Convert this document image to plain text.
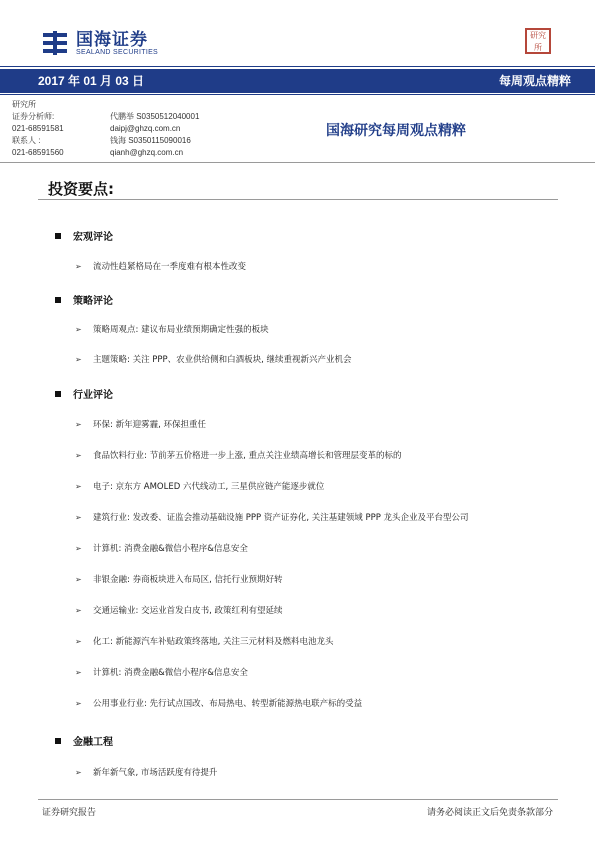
国海证券
SEALAND SECURITIES
研究所
2017 年 01 月 03 日	每周观点精粹
研究所
证券分析师:	代鹏举 S0350512040001
021-68591581	daipj@ghzq.com.cn
联系人 :	钱海 S0350115090016
021-68591560	qianh@ghzq.com.cn
国海研究每周观点精粹
投资要点:
宏观评论
➢	流动性趋紧格局在一季度难有根本性改变
策略评论
➢	策略周观点: 建议布局业绩预期确定性强的板块
➢	主题策略: 关注 PPP、农业供给侧和白酒板块, 继续重视新兴产业机会
行业评论
➢	环保: 新年迎雾霾, 环保担重任
➢	食品饮料行业: 节前茅五价格进一步上涨, 重点关注业绩高增长和管理层变革的标的
➢	电子: 京东方 AMOLED 六代线动工, 三星供应链产能逐步就位
➢	建筑行业: 发改委、证监会推动基础设施 PPP 资产证券化, 关注基建领域 PPP 龙头企业及平台型公司
➢	计算机: 消费金融&微信小程序&信息安全
➢	非银金融: 券商板块进入布局区, 信托行业预期好转
➢	交通运输业: 交运业首发白皮书, 政策红利有望延续
➢	化工: 新能源汽车补贴政策终落地, 关注三元材料及燃料电池龙头
➢	计算机: 消费金融&微信小程序&信息安全
➢	公用事业行业: 先行试点国改、布局热电、转型新能源热电联产标的受益
金融工程
➢	新年新气象, 市场活跃度有待提升
证券研究报告	请务必阅读正文后免责条款部分
